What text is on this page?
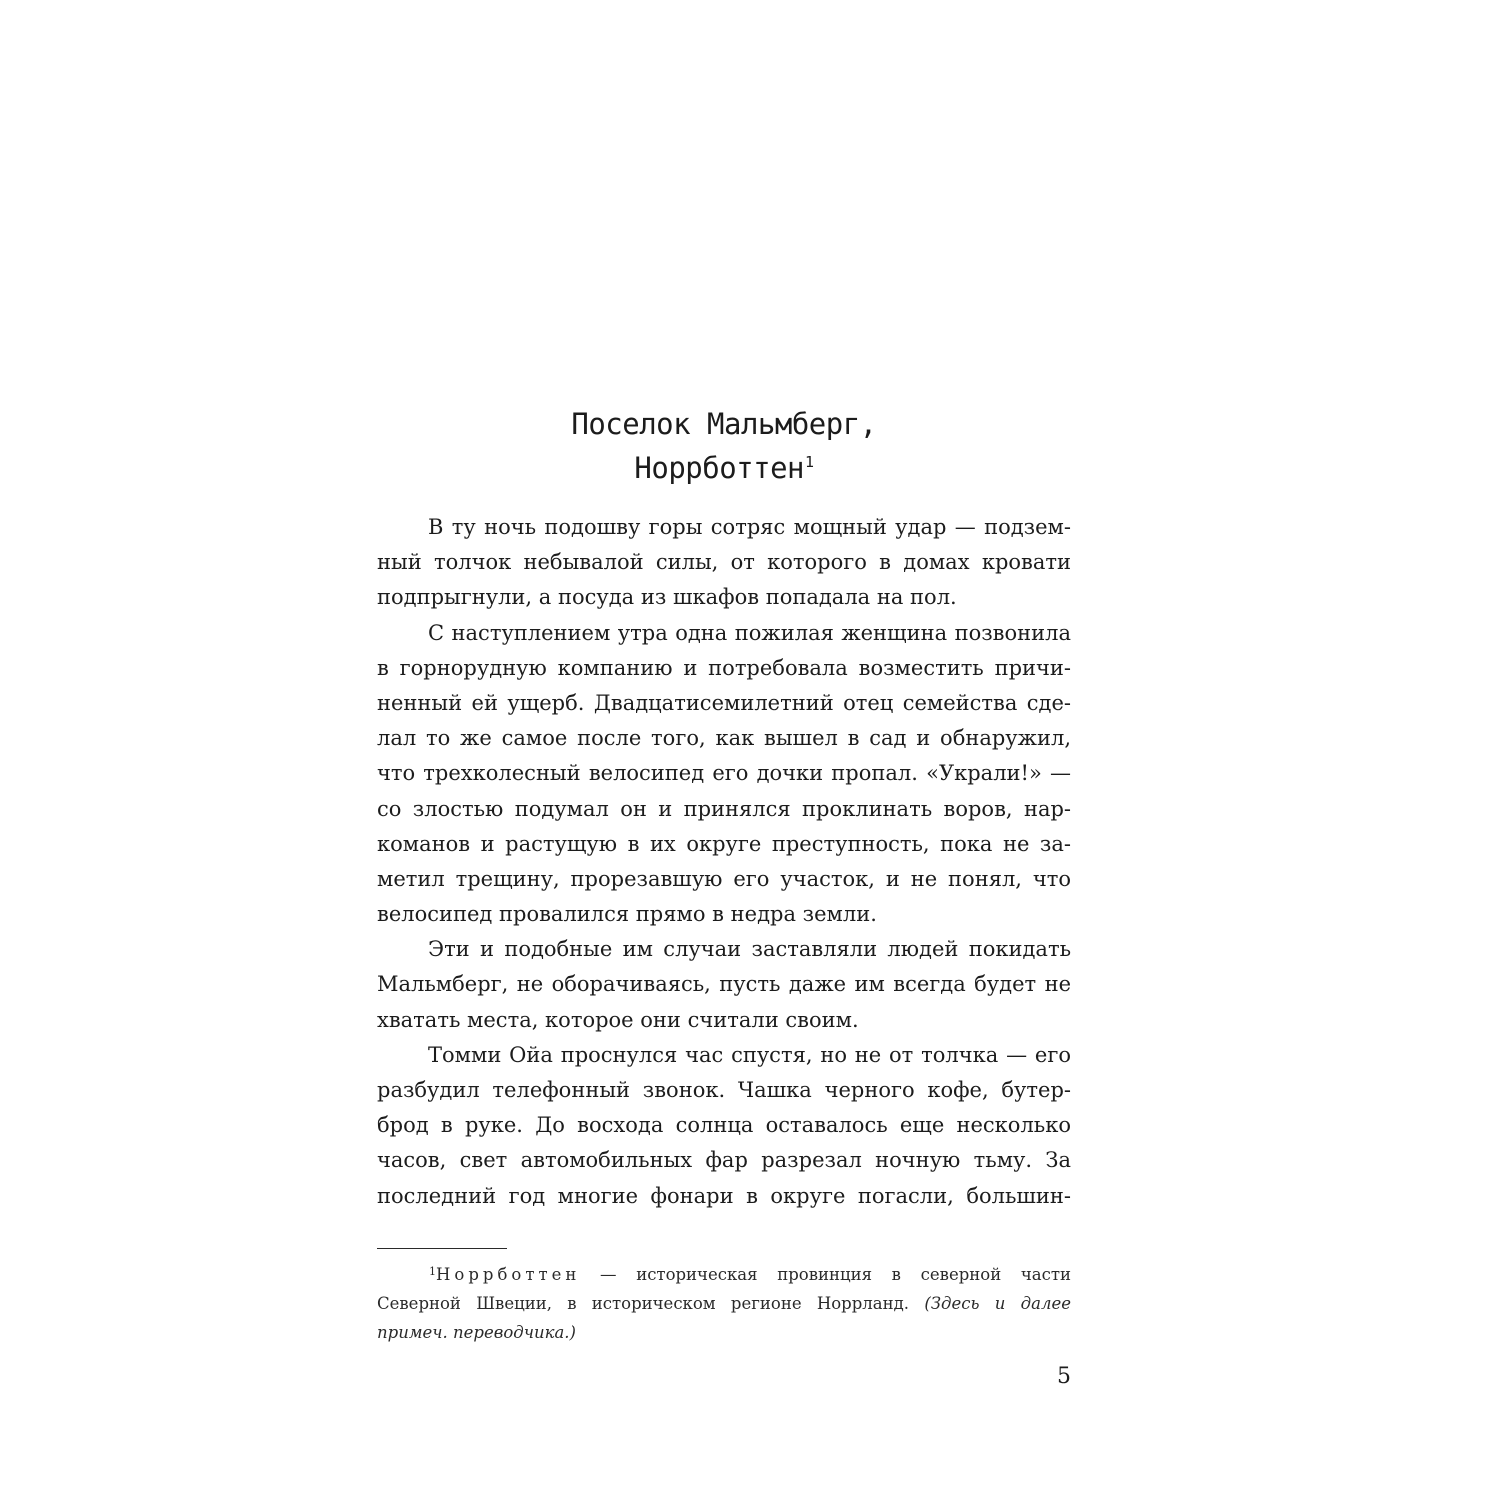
Поселок Мальмберг,
Норрботтен$^1$
В ту ночь подошву горы сотряс мощный удар — подзем-
ный толчок небывалой силы, от которого в домах кровати
подпрыгнули, а посуда из шкафов попадала на пол.
С наступлением утра одна пожилая женщина позвонила
в горнорудную компанию и потребовала возместить причи-
ненный ей ущерб. Двадцатисемилетний отец семейства сде-
лал то же самое после того, как вышел в сад и обнаружил,
что трехколесный велосипед его дочки пропал. «Украли!» —
со злостью подумал он и принялся проклинать воров, нар-
команов и растущую в их округе преступность, пока не за-
метил трещину, прорезавшую его участок, и не понял, что
велосипед провалился прямо в недра земли.
Эти и подобные им случаи заставляли людей покидать
Мальмберг, не оборачиваясь, пусть даже им всегда будет не
хватать места, которое они считали своим.
Томми Ойа проснулся час спустя, но не от толчка — его
разбудил телефонный звонок. Чашка черного кофе, бутер-
брод в руке. До восхода солнца оставалось еще несколько
часов, свет автомобильных фар разрезал ночную тьму. За
последний год многие фонари в округе погасли, большин-
$^1$Норрботтен — историческая провинция в северной части
Северной Швеции, в историческом регионе Норрланд. (Здесь и далее
примеч. переводчика.)
5
